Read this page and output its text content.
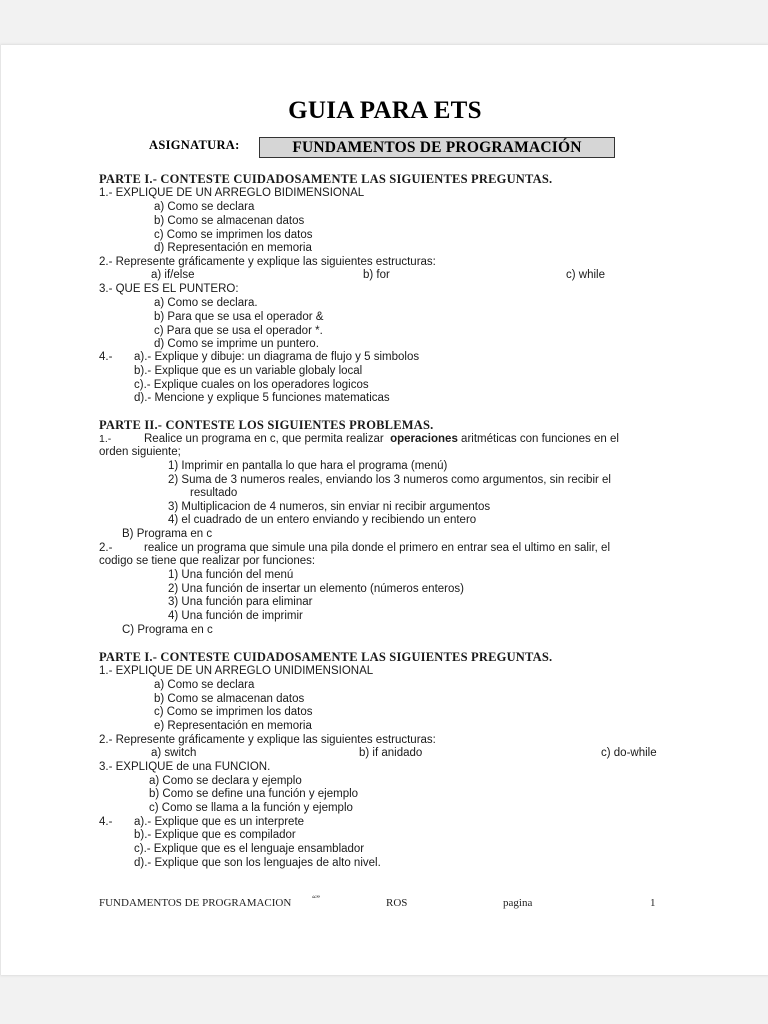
GUIA PARA ETS
ASIGNATURA:	FUNDAMENTOS DE PROGRAMACIÓN
PARTE I.- CONTESTE CUIDADOSAMENTE LAS SIGUIENTES PREGUNTAS.
1.- EXPLIQUE DE UN ARREGLO BIDIMENSIONAL
a) Como se declara
b) Como se almacenan datos
c) Como se imprimen los datos
d) Representación en memoria
2.- Represente gráficamente y explique las siguientes estructuras:
a) if/else	b) for	c) while
3.- QUE ES EL PUNTERO:
a) Como se declara.
b) Para que se usa el operador &
c) Para que se usa el operador *.
d) Como se imprime un puntero.
4.- a).- Explique y dibuje: un diagrama de flujo y 5 simbolos
b).- Explique que es un variable globaly local
c).- Explique cuales on los operadores logicos
d).- Mencione y explique 5 funciones matematicas
PARTE II.- CONTESTE LOS SIGUIENTES PROBLEMAS.
1.-	Realice un programa en c, que permita realizar operaciones aritméticas con funciones en el
orden siguiente;
1) Imprimir en pantalla lo que hara el programa (menú)
2) Suma de 3 numeros reales, enviando los 3 numeros como argumentos, sin recibir el
resultado
3) Multiplicacion de 4 numeros, sin enviar ni recibir argumentos
4) el cuadrado de un entero enviando y recibiendo un entero
B) Programa en c
2.-	realice un programa que simule una pila donde el primero en entrar sea el ultimo en salir, el
codigo se tiene que realizar por funciones:
1) Una función del menú
2) Una función de insertar un elemento (números enteros)
3) Una función para eliminar
4) Una función de imprimir
C) Programa en c
PARTE I.- CONTESTE CUIDADOSAMENTE LAS SIGUIENTES PREGUNTAS.
1.- EXPLIQUE DE UN ARREGLO UNIDIMENSIONAL
a) Como se declara
b) Como se almacenan datos
c) Como se imprimen los datos
e) Representación en memoria
2.- Represente gráficamente y explique las siguientes estructuras:
a) switch	b) if anidado	c) do-while
3.- EXPLIQUE de una FUNCION.
a) Como se declara y ejemplo
b) Como se define una función y ejemplo
c) Como se llama a la función y ejemplo
4.- a).- Explique que es un interprete
b).- Explique que es compilador
c).- Explique que es el lenguaje ensamblador
d).- Explique que son los lenguajes de alto nivel.
FUNDAMENTOS DE PROGRAMACION “”	ROS	pagina	1
